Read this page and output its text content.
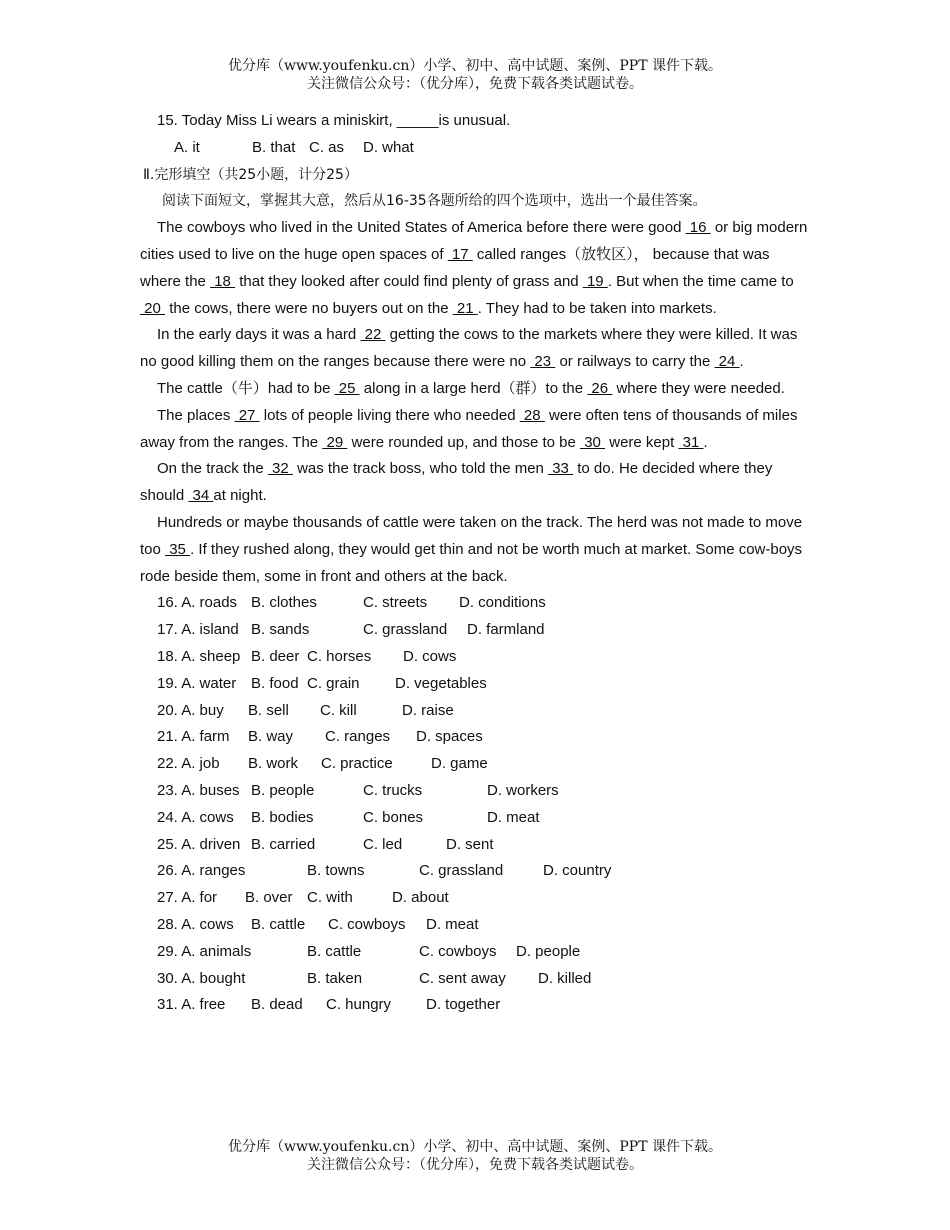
优分库（www.youfenku.cn）小学、初中、高中试题、案例、PPT 课件下载。
关注微信公众号：（优分库），免费下载各类试题试卷。
15. Today Miss Li wears a miniskirt, _____is unusual.
A. it	B. that C. as D. what
Ⅱ.完形填空（共25小题，计分25）
阅读下面短文，掌握其大意，然后从16-35各题所给的四个选项中，选出一个最佳答案。
The cowboys who lived in the United States of America before there were good  16  or big modern cities used to live on the huge open spaces of  17  called ranges（放牧区）， because that was where the  18  that they looked after could find plenty of grass and  19 . But when the time came to  20  the cows, there were no buyers out on the  21 . They had to be taken into markets.
In the early days it was a hard  22  getting the cows to the markets where they were killed. It was no good killing them on the ranges because there were no  23  or railways to carry the  24 .
The cattle（牛）had to be  25  along in a large herd（群）to the  26  where they were needed.
The places  27  lots of people living there who needed  28  were often tens of thousands of miles away from the ranges. The  29  were rounded up, and those to be  30  were kept  31 .
On the track the  32  was the track boss, who told the men  33  to do. He decided where they should  34 at night.
Hundreds or maybe thousands of cattle were taken on the track. The herd was not made to move too  35 . If they rushed along, they would get thin and not be worth much at market. Some cow-boys rode beside them, some in front and others at the back.
16. A. roads B. clothes	C. streets D. conditions
17. A. island B. sands	C. grassland D. farmland
18. A. sheep B. deer C. horses D. cows
19. A. water B. food C. grain D. vegetables
20. A. buy B. sell C. kill	D. raise
21. A. farm B. way C. ranges D. spaces
22. A. job B. work C. practice	D. game
23. A. buses B. people	C. trucks	D. workers
24. A. cows B. bodies	C. bones	D. meat
25. A. driven B. carried	C. led	D. sent
26. A. ranges	B. towns	C. grassland	D. country
27. A. for B. over C. with	D. about
28. A. cows B. cattle C. cowboys D. meat
29. A. animals	B. cattle	C. cowboys D. people
30. A. bought	B. taken	C. sent away D. killed
31. A. free B. dead C. hungry D. together
优分库（www.youfenku.cn）小学、初中、高中试题、案例、PPT 课件下载。
关注微信公众号：（优分库），免费下载各类试题试卷。
